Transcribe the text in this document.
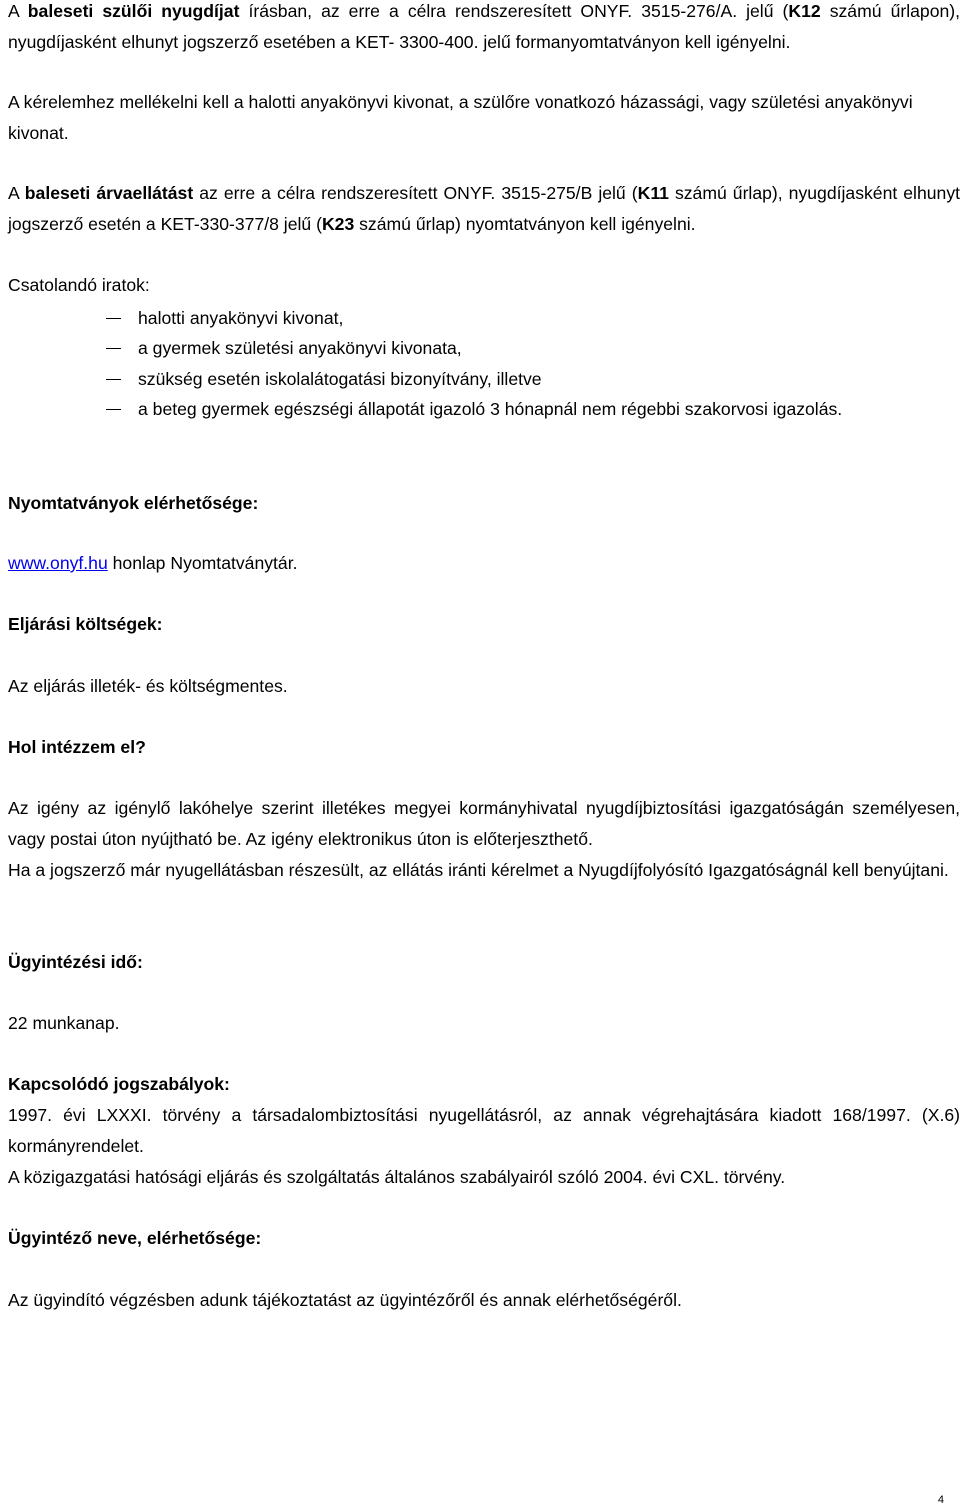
A baleseti szülői nyugdíjat írásban, az erre a célra rendszeresített ONYF. 3515-276/A. jelű (K12 számú űrlapon), nyugdíjasként elhunyt jogszerző esetében a KET- 3300-400. jelű formanyomtatványon kell igényelni.

A kérelemhez mellékelni kell a halotti anyakönyvi kivonat, a szülőre vonatkozó házassági, vagy születési anyakönyvi kivonat.

A baleseti árvaellátást az erre a célra rendszeresített ONYF. 3515-275/B jelű (K11 számú űrlap), nyugdíjasként elhunyt jogszerző esetén a KET-330-377/8 jelű (K23 számú űrlap) nyomtatványon kell igényelni.

Csatolandó iratok:

halotti anyakönyvi kivonat,
a gyermek születési anyakönyvi kivonata,
szükség esetén iskolalátogatási bizonyítvány, illetve
a beteg gyermek egészségi állapotát igazoló 3 hónapnál nem régebbi szakorvosi igazolás.

Nyomtatványok elérhetősége:

www.onyf.hu honlap Nyomtatványtár.

Eljárási költségek:

Az eljárás illeték- és költségmentes.

Hol intézzem el?

Az igény az igénylő lakóhelye szerint illetékes megyei kormányhivatal nyugdíjbiztosítási igazgatóságán személyesen, vagy postai úton nyújtható be. Az igény elektronikus úton is előterjeszthető.

Ha a jogszerző már nyugellátásban részesült, az ellátás iránti kérelmet a Nyugdíjfolyósító Igazgatóságnál kell benyújtani.

Ügyintézési idő:

22 munkanap.

Kapcsolódó jogszabályok:

1997. évi LXXXI. törvény a társadalombiztosítási nyugellátásról, az annak végrehajtására kiadott 168/1997. (X.6) kormányrendelet.

A közigazgatási hatósági eljárás és szolgáltatás általános szabályairól szóló 2004. évi CXL. törvény.

Ügyintéző neve, elérhetősége:

Az ügyindító végzésben adunk tájékoztatást az ügyintézőről és annak elérhetőségéről.

4
